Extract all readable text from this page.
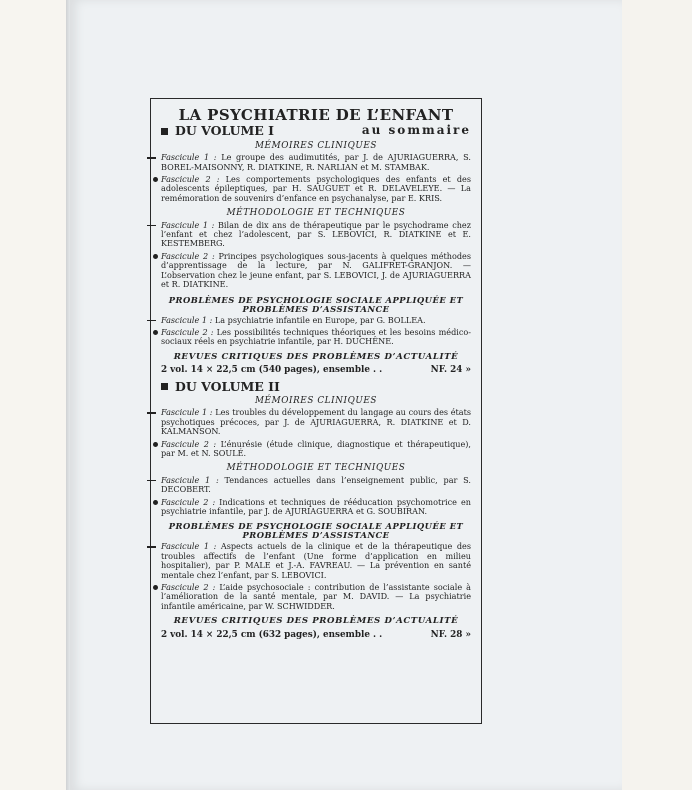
LA PSYCHIATRIE DE L’ENFANT
DU VOLUME I	au sommaire
MÉMOIRES CLINIQUES
Fascicule 1 : Le groupe des audimutités, par J. de AJURIAGUERRA, S. BOREL-MAISONNY, R. DIATKINE, R. NARLIAN et M. STAMBAK.
Fascicule 2 : Les comportements psychologiques des enfants et des adolescents épileptiques, par H. SAUGUET et R. DELAVELEYE. — La remémoration de souvenirs d’enfance en psychanalyse, par E. KRIS.
MÉTHODOLOGIE ET TECHNIQUES
Fascicule 1 : Bilan de dix ans de thérapeutique par le psychodrame chez l’enfant et chez l’adolescent, par S. LEBOVICI, R. DIATKINE et E. KESTEMBERG.
Fascicule 2 : Principes psychologiques sous-jacents à quelques méthodes d’apprentissage de la lecture, par N. GALIFRET-GRANJON. — L’observation chez le jeune enfant, par S. LEBOVICI, J. de AJURIAGUERRA et R. DIATKINE.
PROBLÈMES DE PSYCHOLOGIE SOCIALE APPLIQUÉE ET PROBLÈMES D’ASSISTANCE
Fascicule 1 : La psychiatrie infantile en Europe, par G. BOLLEA.
Fascicule 2 : Les possibilités techniques théoriques et les besoins médico-sociaux réels en psychiatrie infantile, par H. DUCHÊNE.
REVUES CRITIQUES DES PROBLÈMES D’ACTUALITÉ
2 vol. 14 × 22,5 cm (540 pages), ensemble . .	NF. 24 »
DU VOLUME II
MÉMOIRES CLINIQUES
Fascicule 1 : Les troubles du développement du langage au cours des états psychotiques précoces, par J. de AJURIAGUERRA, R. DIATKINE et D. KALMANSON.
Fascicule 2 : L’énurésie (étude clinique, diagnostique et thérapeutique), par M. et N. SOULÉ.
MÉTHODOLOGIE ET TECHNIQUES
Fascicule 1 : Tendances actuelles dans l’enseignement public, par S. DECOBERT.
Fascicule 2 : Indications et techniques de rééducation psychomotrice en psychiatrie infantile, par J. de AJURIAGUERRA et G. SOUBIRAN.
PROBLÈMES DE PSYCHOLOGIE SOCIALE APPLIQUÉE ET PROBLÈMES D’ASSISTANCE
Fascicule 1 : Aspects actuels de la clinique et de la thérapeutique des troubles affectifs de l’enfant (Une forme d’application en milieu hospitalier), par P. MALE et J.-A. FAVREAU. — La prévention en santé mentale chez l’enfant, par S. LEBOVICI.
Fascicule 2 : L’aide psychosociale : contribution de l’assistante sociale à l’amélioration de la santé mentale, par M. DAVID. — La psychiatrie infantile américaine, par W. SCHWIDDER.
REVUES CRITIQUES DES PROBLÈMES D’ACTUALITÉ
2 vol. 14 × 22,5 cm (632 pages), ensemble . .	NF. 28 »
